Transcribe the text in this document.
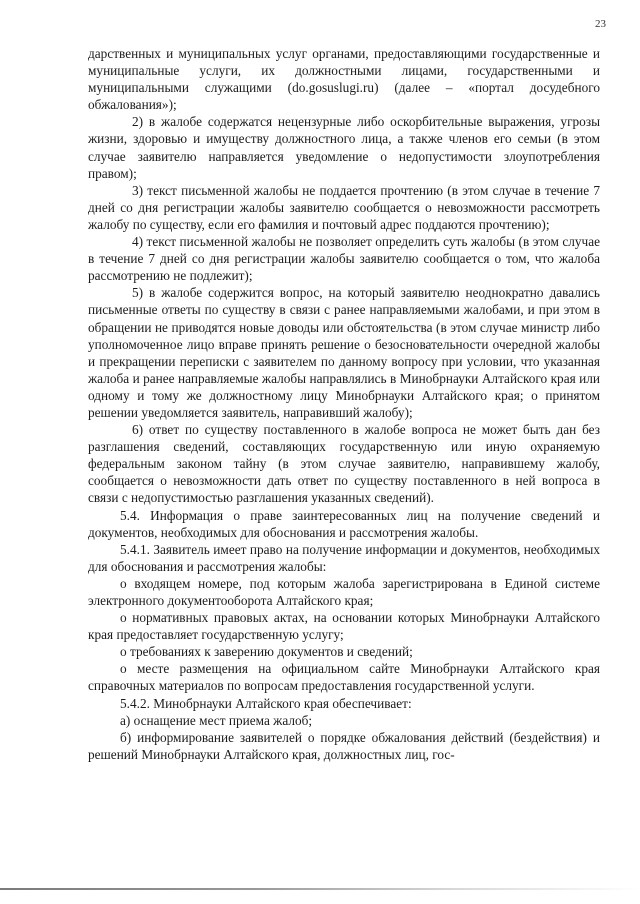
23

дарственных и муниципальных услуг органами, предоставляющими государственные и муниципальные услуги, их должностными лицами, государственными и муниципальными служащими (do.gosuslugi.ru) (далее – «портал досудебного обжалования»);

2) в жалобе содержатся нецензурные либо оскорбительные выражения, угрозы жизни, здоровью и имуществу должностного лица, а также членов его семьи (в этом случае заявителю направляется уведомление о недопустимости злоупотребления правом);

3) текст письменной жалобы не поддается прочтению (в этом случае в течение 7 дней со дня регистрации жалобы заявителю сообщается о невозможности рассмотреть жалобу по существу, если его фамилия и почтовый адрес поддаются прочтению);

4) текст письменной жалобы не позволяет определить суть жалобы (в этом случае в течение 7 дней со дня регистрации жалобы заявителю сообщается о том, что жалоба рассмотрению не подлежит);

5) в жалобе содержится вопрос, на который заявителю неоднократно давались письменные ответы по существу в связи с ранее направляемыми жалобами, и при этом в обращении не приводятся новые доводы или обстоятельства (в этом случае министр либо уполномоченное лицо вправе принять решение о безосновательности очередной жалобы и прекращении переписки с заявителем по данному вопросу при условии, что указанная жалоба и ранее направляемые жалобы направлялись в Минобрнауки Алтайского края или одному и тому же должностному лицу Минобрнауки Алтайского края; о принятом решении уведомляется заявитель, направивший жалобу);

6) ответ по существу поставленного в жалобе вопроса не может быть дан без разглашения сведений, составляющих государственную или иную охраняемую федеральным законом тайну (в этом случае заявителю, направившему жалобу, сообщается о невозможности дать ответ по существу поставленного в ней вопроса в связи с недопустимостью разглашения указанных сведений).

5.4. Информация о праве заинтересованных лиц на получение сведений и документов, необходимых для обоснования и рассмотрения жалобы.

5.4.1. Заявитель имеет право на получение информации и документов, необходимых для обоснования и рассмотрения жалобы:

о входящем номере, под которым жалоба зарегистрирована в Единой системе электронного документооборота Алтайского края;

о нормативных правовых актах, на основании которых Минобрнауки Алтайского края предоставляет государственную услугу;

о требованиях к заверению документов и сведений;

о месте размещения на официальном сайте Минобрнауки Алтайского края справочных материалов по вопросам предоставления государственной услуги.

5.4.2. Минобрнауки Алтайского края обеспечивает:

а) оснащение мест приема жалоб;

б) информирование заявителей о порядке обжалования действий (бездействия) и решений Минобрнауки Алтайского края, должностных лиц, гос-
